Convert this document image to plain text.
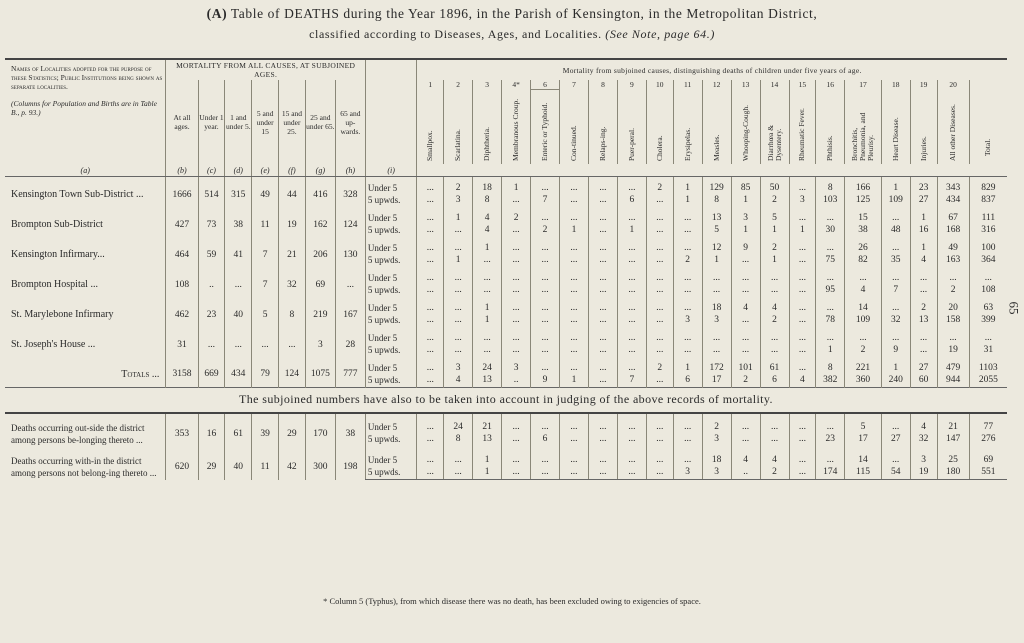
(A) Table of DEATHS during the Year 1896, in the Parish of Kensington, in the Metropolitan District,
classified according to Diseases, Ages, and Localities. (See Note, page 64.)
65
Names of Localities adopted for the purpose of these Statistics; Public Institutions being shown as separate localities.
(Columns for Population and Births are in Table B., p. 93.)	MORTALITY FROM ALL CAUSES, AT SUBJOINED AGES.								Mortality from subjoined causes, distinguishing deaths of children under five years of age.																			
	At all ages.	Under 1 year.	1 and under 5.	5 and under 15	15 and under 25.	25 and under 65.	65 and up-wards.		1	2	3	4*	6	7	8	9	10	11	12	13	14	15	16	17	18	19	20	Total.
									Smallpox.	Scarlatina.	Diphtheria.	Membranous Croup.	Enteric or Typhoid.	Con-tinued.	Relaps-ing.	Puer-peral.	Cholera.	Erysipelas.	Measles.	Whooping-Cough.	Diarrhœa & Dysentery.	Rheumatic Fever.	Phthisis.	Bronchitis, Pneumonia, and Pleurisy.	Heart Disease.	Injuries.	All other Diseases.	
(a)	(b)	(c)	(d)	(e)	(f)	(g)	(h)	(i)																				
Kensington Town Sub-District ...	1666	514	315	49	44	416	328	Under 5	...	2	18	1	...	...	...	...	2	1	129	85	50	...	8	166	1	23	343	829
								5 upwds.	...	3	8	...	7	...	...	6	...	1	8	1	2	3	103	125	109	27	434	837
Brompton Sub-District	427	73	38	11	19	162	124	Under 5	...	1	4	2	...	...	...	...	...	...	13	3	5	...	...	15	...	1	67	111
								5 upwds.	...	...	4	...	2	1	...	1	...	...	5	1	1	1	30	38	48	16	168	316
Kensington Infirmary...	464	59	41	7	21	206	130	Under 5	...	...	1	...	...	...	...	...	...	...	12	9	2	...	...	26	...	1	49	100
								5 upwds.	...	1	...	...	...	...	...	...	...	2	1	...	1	...	75	82	35	4	163	364
Brompton Hospital ...	108	..	...	7	32	69	...	Under 5	...	...	...	...	...	...	...	...	...	...	...	...	...	...	...	...	...	...	...	...
								5 upwds.	...	...	...	...	...	...	...	...	...	...	...	...	...	...	95	4	7	...	2	108
St. Marylebone Infirmary	462	23	40	5	8	219	167	Under 5	...	...	1	...	...	...	...	...	...	...	18	4	4	...	...	14	...	2	20	63
								5 upwds.	...	...	1	...	...	...	...	...	...	3	3	...	2	...	78	109	32	13	158	399
St. Joseph's House ...	31	...	...	...	...	3	28	Under 5	...	...	...	...	...	...	...	...	...	...	...	...	...	...	...	...	...	...	...	...
								5 upwds.	...	...	...	...	...	...	...	...	...	...	...	...	...	...	1	2	9	...	19	31
Totals ...	3158	669	434	79	124	1075	777	Under 5	...	3	24	3	...	...	...	...	2	1	172	101	61	...	8	221	1	27	479	1103
								5 upwds.	...	4	13	..	9	1	...	7	...	6	17	2	6	4	382	360	240	60	944	2055
The subjoined numbers have also to be taken into account in judging of the above records of mortality.																												
Deaths occurring out-side the district among persons be-longing thereto ...	353	16	61	39	29	170	38	Under 5	...	24	21	...	...	...	...	...	...	...	2	...	...	...	...	5	...	4	21	77
								5 upwds.	...	8	13	...	6	...	...	...	...	...	3	...	...	...	23	17	27	32	147	276
Deaths occurring with-in the district among persons not belong-ing thereto ...	620	29	40	11	42	300	198	Under 5	...	...	1	...	...	...	...	...	...	...	18	4	4	...	...	14	...	3	25	69
								5 upwds.	...	...	1	...	...	...	...	...	...	3	3	..	2	...	174	115	54	19	180	551
* Column 5 (Typhus), from which disease there was no death, has been excluded owing to exigencies of space.
